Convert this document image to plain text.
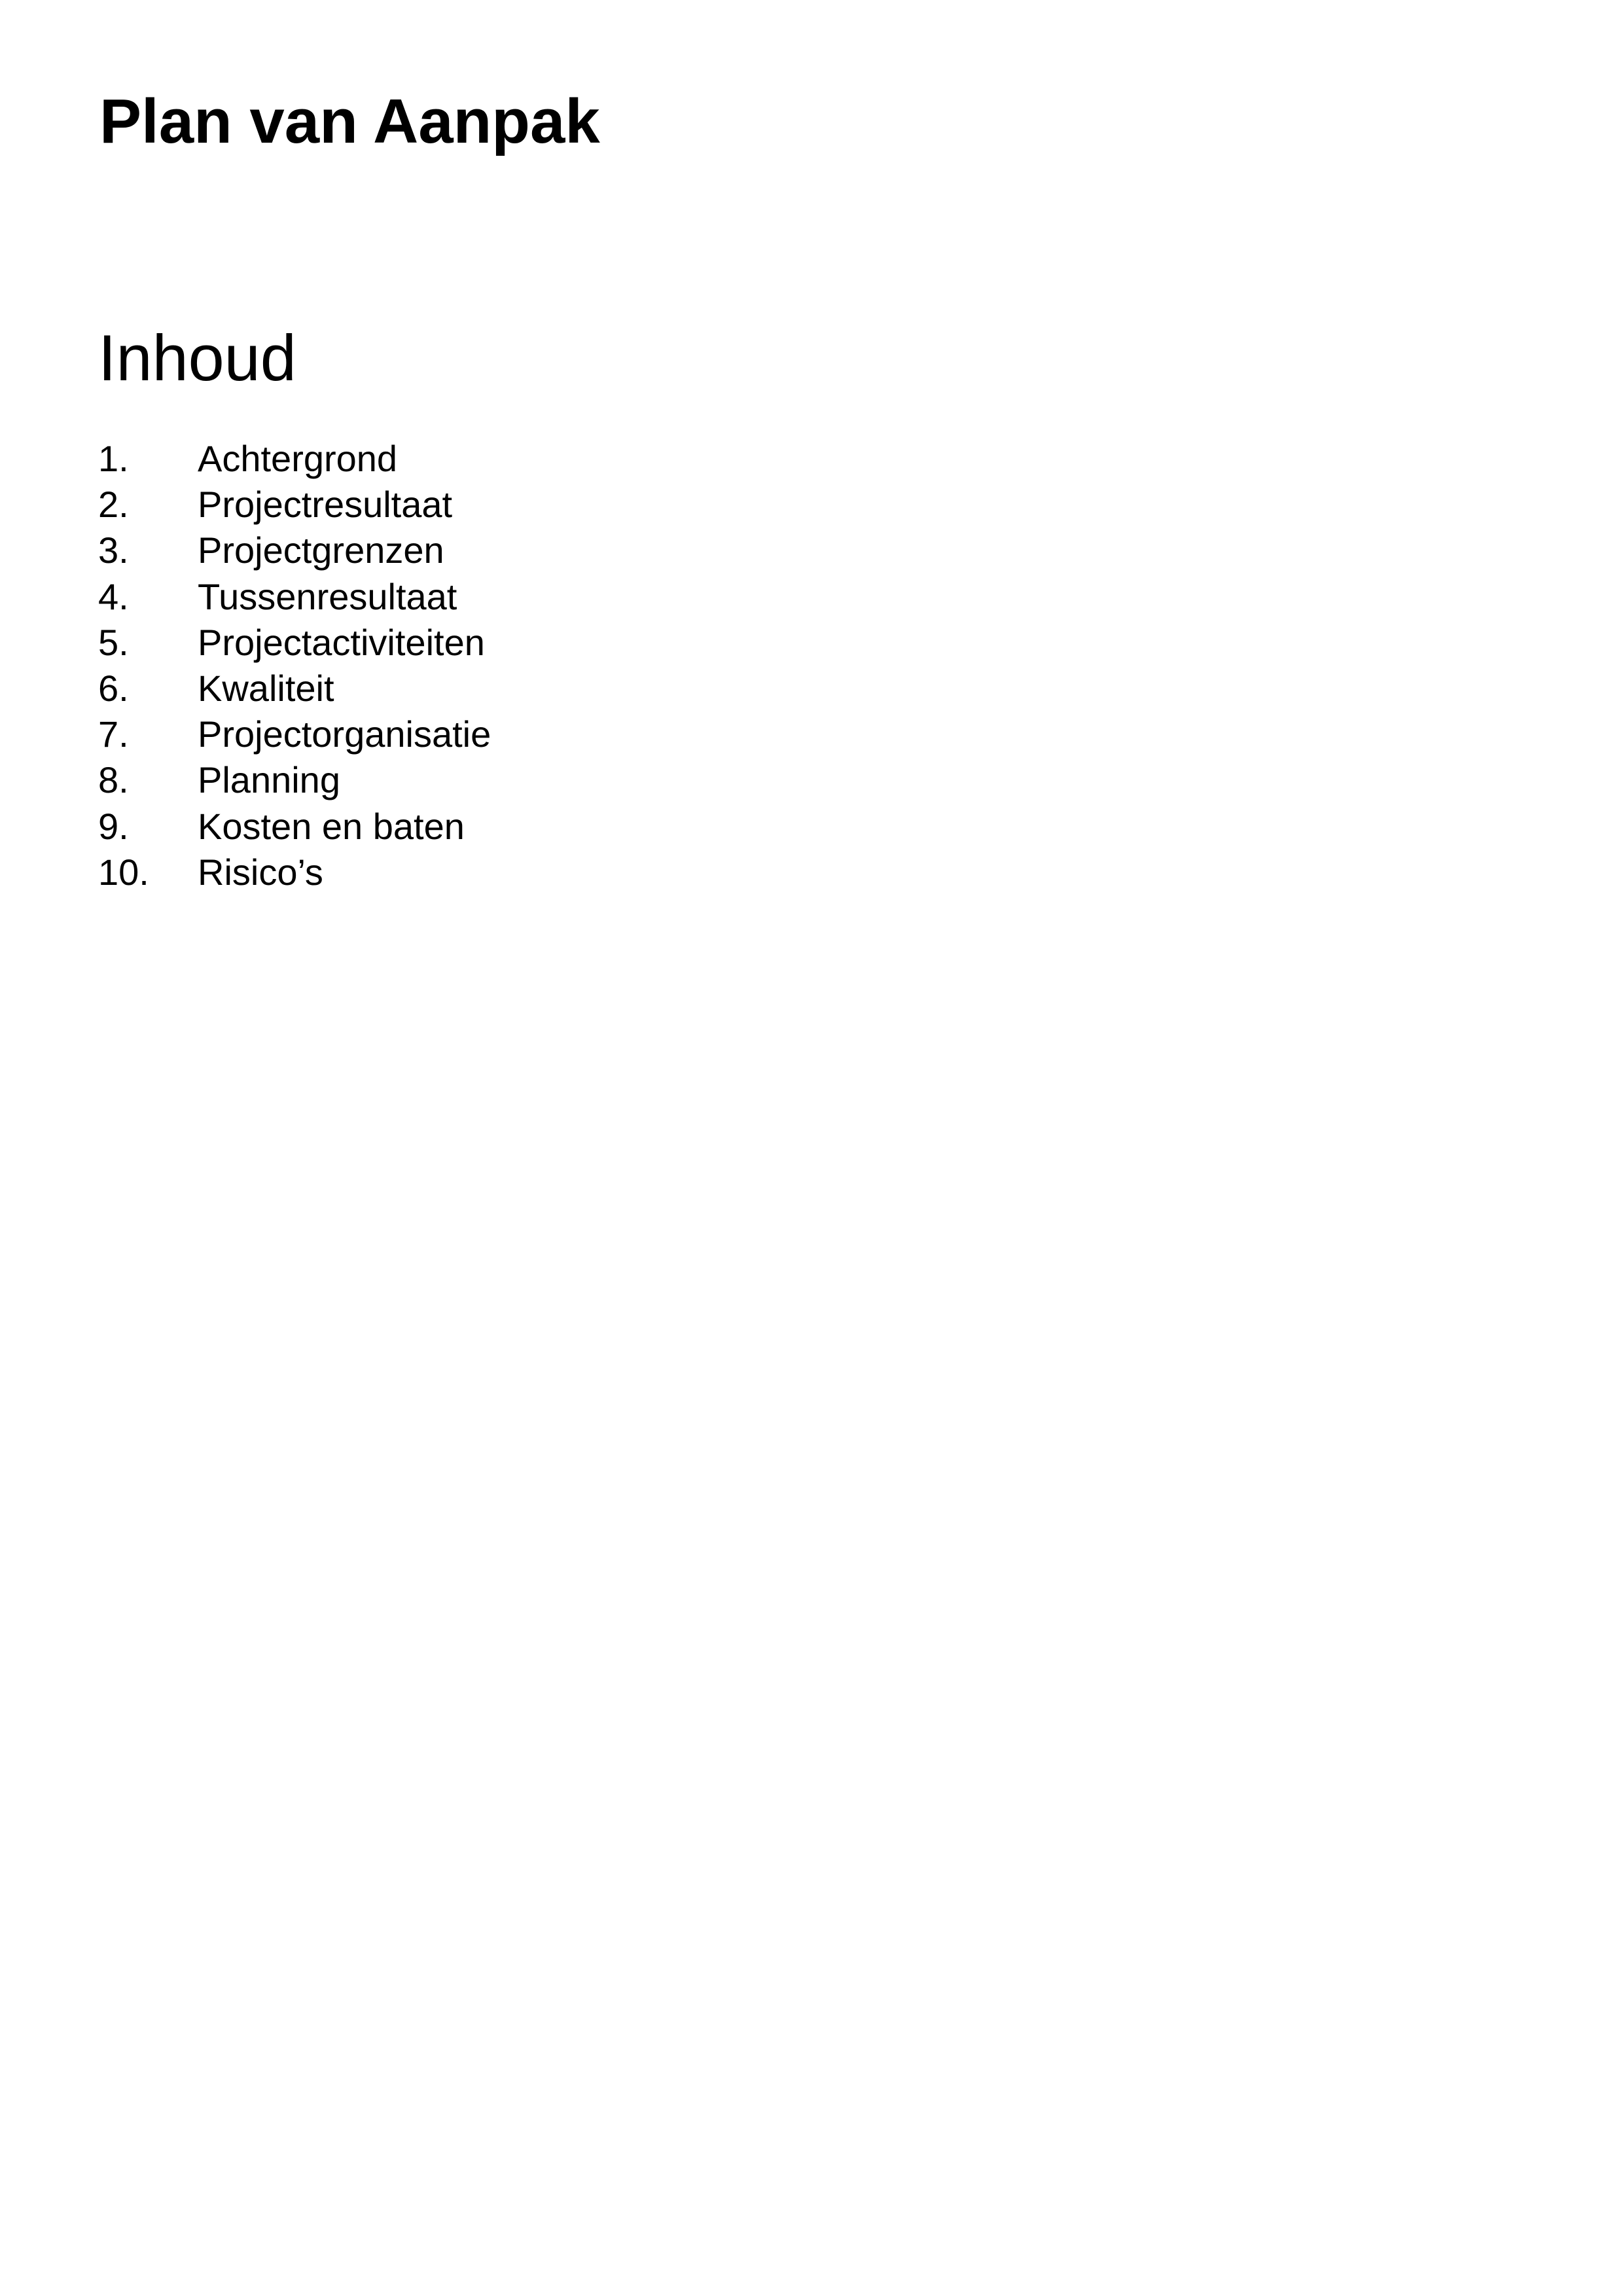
Plan van Aanpak
Inhoud
1.	Achtergrond
2.	Projectresultaat
3.	Projectgrenzen
4.	Tussenresultaat
5.	Projectactiviteiten
6.	Kwaliteit
7.	Projectorganisatie
8.	Planning
9.	Kosten en baten
10.	Risico’s
